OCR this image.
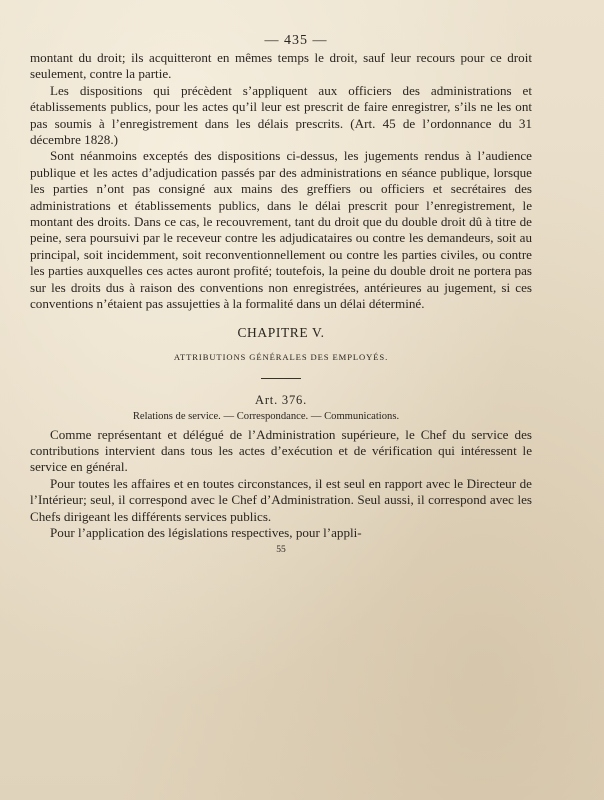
— 435 —

montant du droit; ils acquitteront en mêmes temps le droit, sauf leur recours pour ce droit seulement, contre la partie.

Les dispositions qui précèdent s’appliquent aux officiers des administrations et établissements publics, pour les actes qu’il leur est prescrit de faire enregistrer, s’ils ne les ont pas soumis à l’enregistrement dans les délais prescrits. (Art. 45 de l’ordonnance du 31 décembre 1828.)

Sont néanmoins exceptés des dispositions ci-dessus, les jugements rendus à l’audience publique et les actes d’adjudication passés par des administrations en séance publique, lorsque les parties n’ont pas consigné aux mains des greffiers ou officiers et secrétaires des administrations et établissements publics, dans le délai prescrit pour l’enregistrement, le montant des droits. Dans ce cas, le recouvrement, tant du droit que du double droit dû à titre de peine, sera poursuivi par le receveur contre les adjudicataires ou contre les demandeurs, soit au principal, soit incidemment, soit reconventionnellement ou contre les parties civiles, ou contre les parties auxquelles ces actes auront profité; toutefois, la peine du double droit ne portera pas sur les droits dus à raison des conventions non enregistrées, antérieures au jugement, si ces conventions n’étaient pas assujetties à la formalité dans un délai déterminé.

CHAPITRE V.
ATTRIBUTIONS GÉNÉRALES DES EMPLOYÉS.
Art. 376.
Relations de service. — Correspondance. — Communications.

Comme représentant et délégué de l’Administration supérieure, le Chef du service des contributions intervient dans tous les actes d’exécution et de vérification qui intéressent le service en général.

Pour toutes les affaires et en toutes circonstances, il est seul en rapport avec le Directeur de l’Intérieur; seul, il correspond avec le Chef d’Administration. Seul aussi, il correspond avec les Chefs dirigeant les différents services publics.

Pour l’application des législations respectives, pour l’appli-

55
